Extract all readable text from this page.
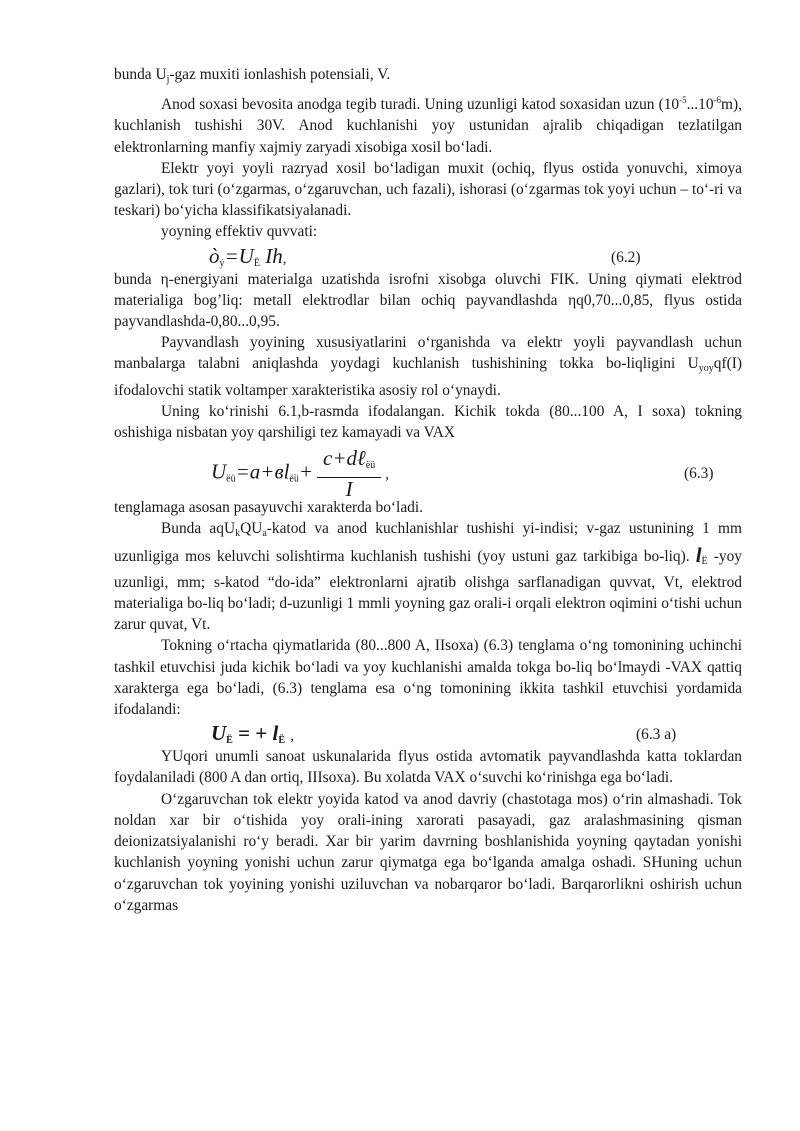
bunda $U_j$-gaz muxiti ionlashish potensiali, V.

Anod soxasi bevosita anodga tegib turadi. Uning uzunligi katod soxasidan uzun $(10^{-5}...10^{-6}m)$, kuchlanish tushishi 30V. Anod kuchlanishi yoy ustunidan ajralib chiqadigan tezlatilgan elektronlarning manfiy xajmiy zaryadi xisobiga xosil bo‘ladi.

Elektr yoyi yoyli razryad xosil bo‘ladigan muxit (ochiq, flyus ostida yonuvchi, ximoya gazlari), tok turi (o‘zgarmas, o‘zgaruvchan, uch fazali), ishorasi (o‘zgarmas tok yoyi uchun – to‘-ri va teskari) bo‘yicha klassifikatsiyalanadi.

yoyning effektiv quvvati:

$ò_ý=U_Ë$ Ih,	(6.2)

bunda η-energiyani materialga uzatishda isrofni xisobga oluvchi FIK. Uning qiymati elektrod materialiga bog’liq: metall elektrodlar bilan ochiq payvandlashda ηq0,70...0,85, flyus ostida payvandlashda-0,80...0,95.

Payvandlash yoyining xususiyatlarini o‘rganishda va elektr yoyli payvandlash uchun manbalarga talabni aniqlashda yoydagi kuchlanish tushishining tokka bo-liqligini $U_{yoy}qf(I)$ ifodalovchi statik voltamper xarakteristika asosiy rol o‘ynaydi.

Uning ko‘rinishi 6.1,b-rasmda ifodalangan. Kichik tokda (80...100 A, I soxa) tokning oshishiga nisbatan yoy qarshiligi tez kamayadi va VAX

$U_{ёü}=a+вl_{ёü}+ \frac{c+d\ell_{ёü}}{I}$ ,	(6.3)

tenglamaga asosan pasayuvchi xarakterda bo‘ladi.

Bunda $aqU_kQU_a$-katod va anod kuchlanishlar tushishi yi-indisi; v-gaz ustunining 1 mm uzunligiga mos keluvchi solishtirma kuchlanish tushishi (yoy ustuni gaz tarkibiga bo-liq). $l_Ë$ -yoy uzunligi, mm; s-katod “do-ida” elektronlarni ajratib olishga sarflanadigan quvvat, Vt, elektrod materialiga bo-liq bo‘ladi; d-uzunligi 1 mmli yoyning gaz orali-i orqali elektron oqimini o‘tishi uchun zarur quvat, Vt.

Tokning o‘rtacha qiymatlarida (80...800 A, IIsoxa) (6.3) tenglama o‘ng tomonining uchinchi tashkil etuvchisi juda kichik bo‘ladi va yoy kuchlanishi amalda tokga bo-liq bo‘lmaydi -VAX qattiq xarakterga ega bo‘ladi, (6.3) tenglama esa o‘ng tomonining ikkita tashkil etuvchisi yordamida ifodalandi:

$U_Ë$ = + $l_Ë$ ,	(6.3 a)

YUqori unumli sanoat uskunalarida flyus ostida avtomatik payvandlashda katta toklardan foydalaniladi (800 A dan ortiq, IIIsoxa). Bu xolatda VAX o‘suvchi ko‘rinishga ega bo‘ladi.

O‘zgaruvchan tok elektr yoyida katod va anod davriy (chastotaga mos) o‘rin almashadi. Tok noldan xar bir o‘tishida yoy orali-ining xarorati pasayadi, gaz aralashmasining qisman deionizatsiyalanishi ro‘y beradi. Xar bir yarim davrning boshlanishida yoyning qaytadan yonishi kuchlanish yoyning yonishi uchun zarur qiymatga ega bo‘lganda amalga oshadi. SHuning uchun o‘zgaruvchan tok yoyining yonishi uziluvchan va nobarqaror bo‘ladi. Barqarorlikni oshirish uchun o‘zgarmas
